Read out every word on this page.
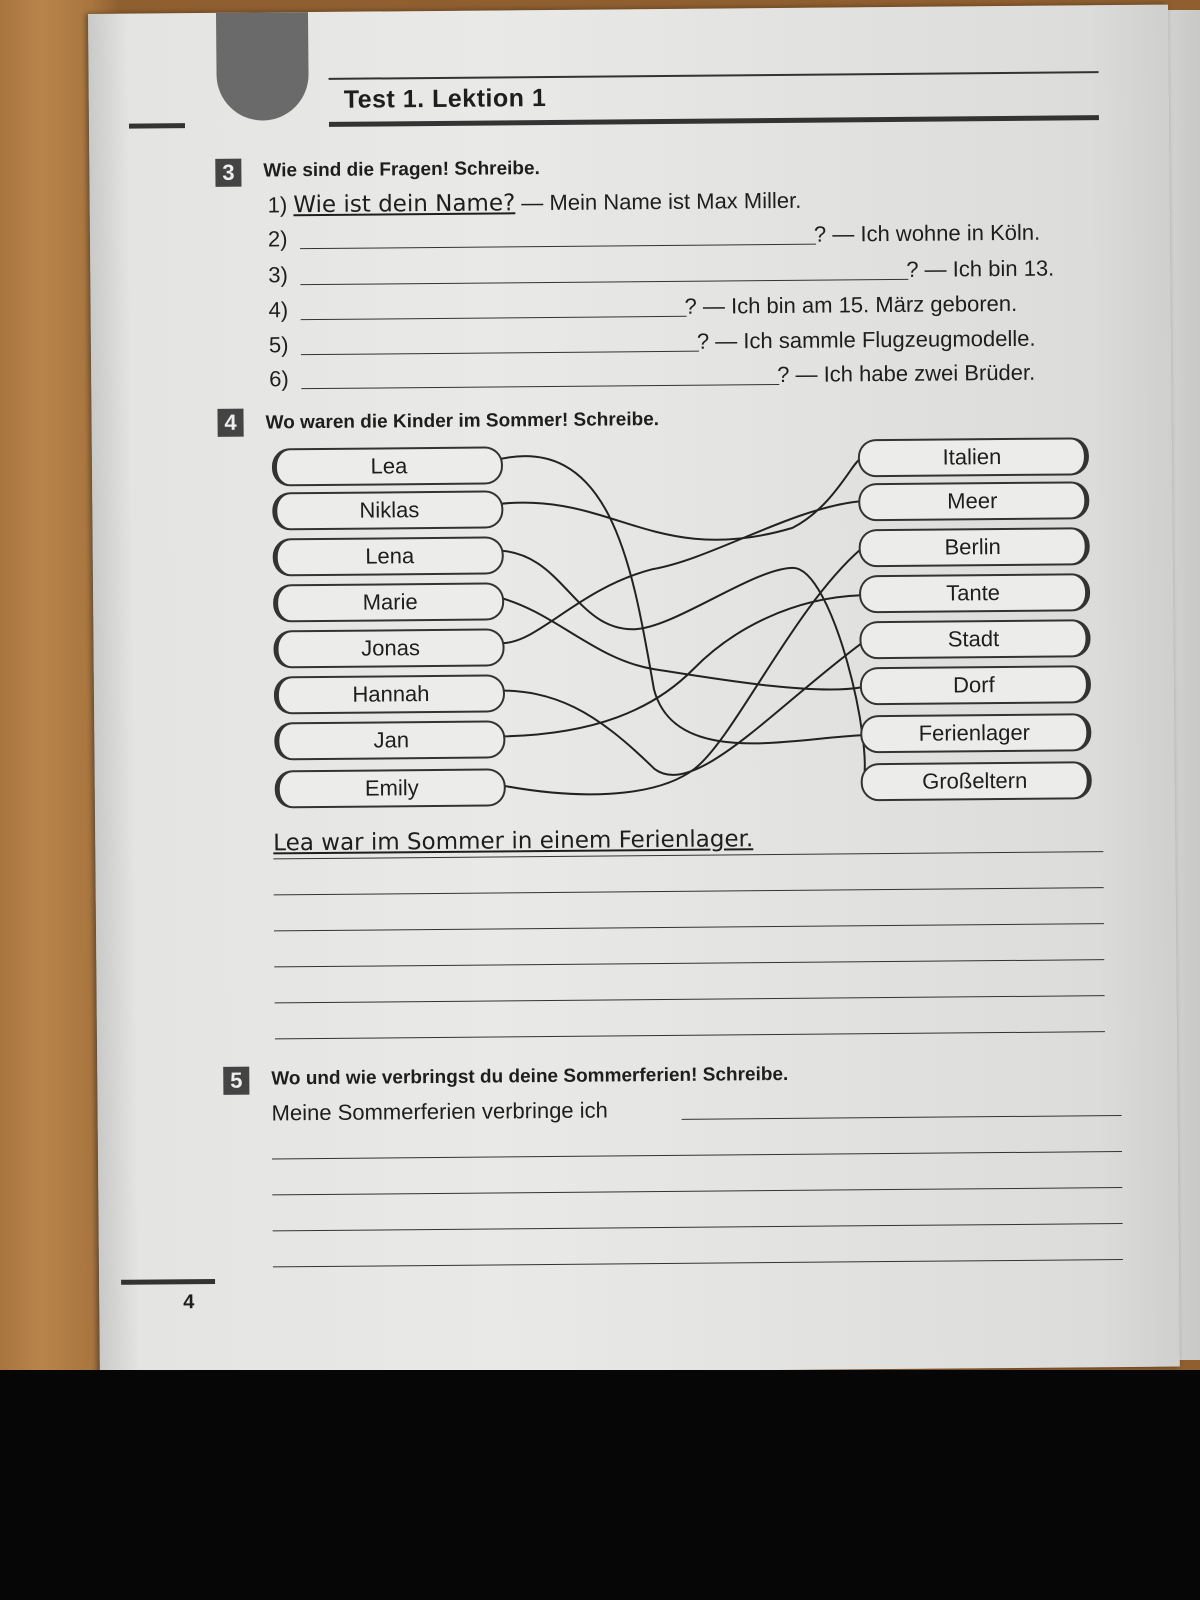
Test 1. Lektion 1
3	Wie sind die Fragen! Schreibe.
1) Wie ist dein Name? — Mein Name ist Max Miller.
2)	? — Ich wohne in Köln.
3)	? — Ich bin 13.
4)	? — Ich bin am 15. März geboren.
5)	? — Ich sammle Flugzeugmodelle.
6)	? — Ich habe zwei Brüder.
4	Wo waren die Kinder im Sommer! Schreibe.
Lea
Niklas
Lena
Marie
Jonas
Hannah
Jan
Emily
Italien
Meer
Berlin
Tante
Stadt
Dorf
Ferienlager
Großeltern
Lea war im Sommer in einem Ferienlager.
5	Wo und wie verbringst du deine Sommerferien! Schreibe.
Meine Sommerferien verbringe ich
4
